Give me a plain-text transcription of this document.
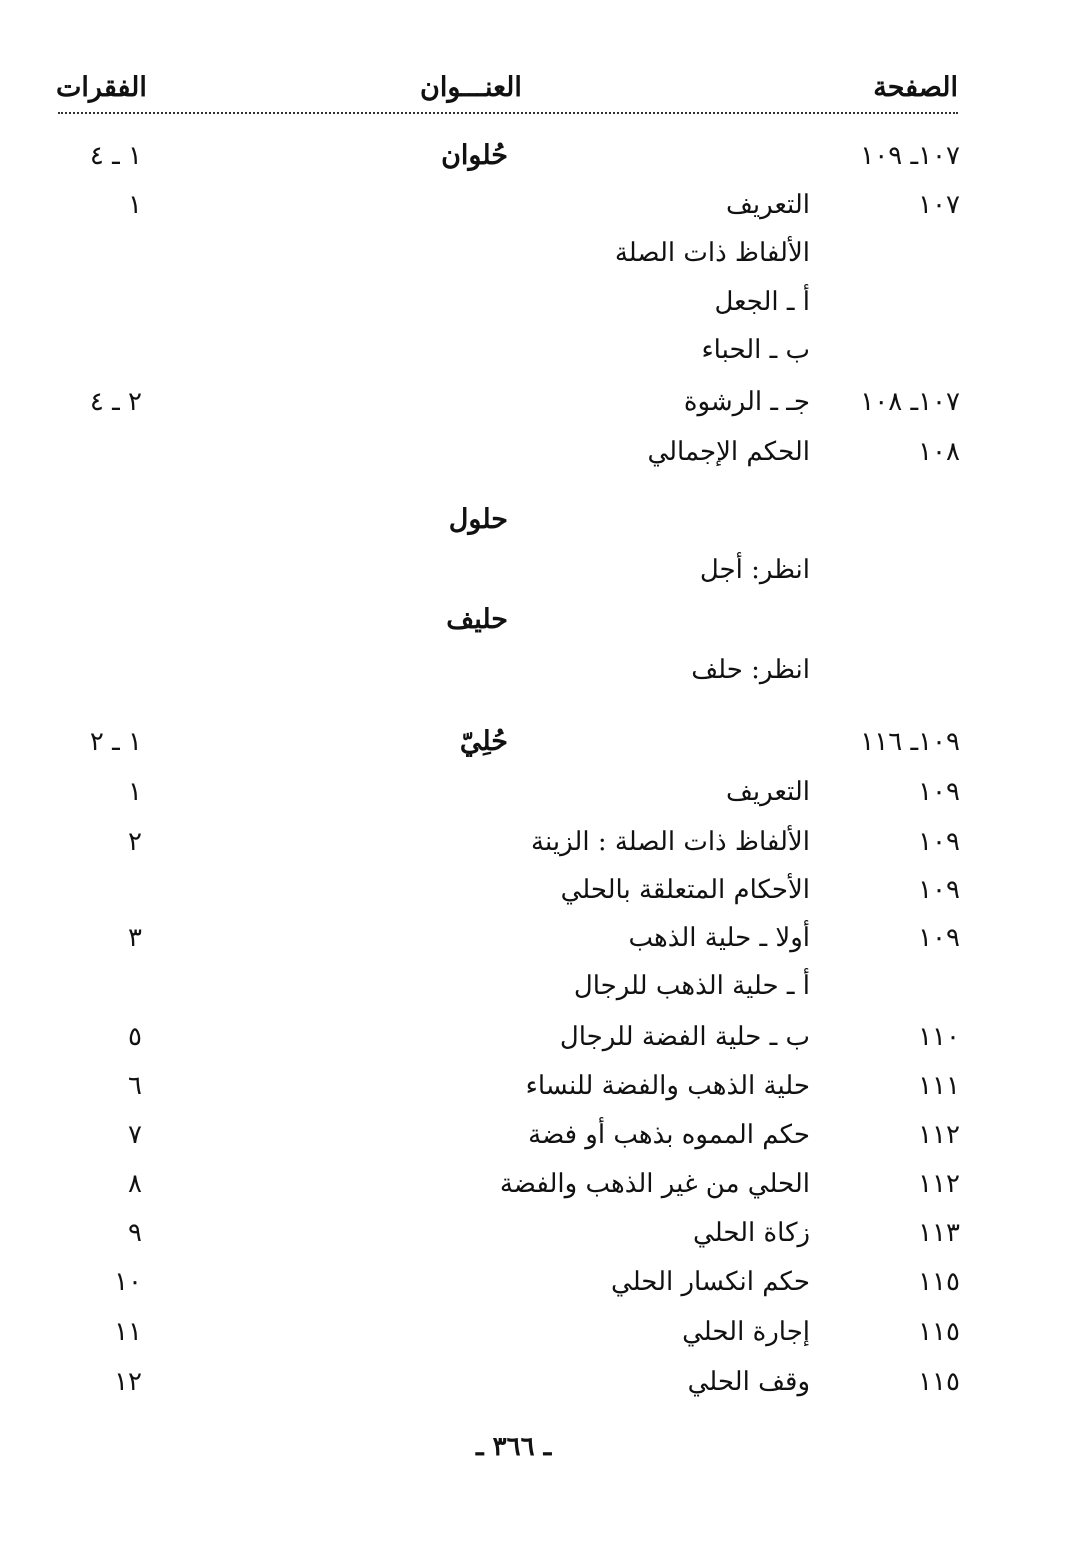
الصفحة
العنـــوان
الفقرات
١٠٧ـ ١٠٩
حُلوان
١ ـ ٤
١٠٧
التعريف
١
الألفاظ ذات الصلة
أ ـ الجعل
ب ـ الحباء
١٠٧ـ ١٠٨
جـ ـ الرشوة
٢ ـ ٤
١٠٨
الحكم الإجمالي
حلول
انظر: أجل
حليف
انظر: حلف
١٠٩ـ ١١٦
حُلِيّ
١ ـ ٢
١٠٩
التعريف
١
١٠٩
الألفاظ ذات الصلة : الزينة
٢
١٠٩
الأحكام المتعلقة بالحلي
١٠٩
أولا ـ حلية الذهب
٣
أ ـ حلية الذهب للرجال
١١٠
ب ـ حلية الفضة للرجال
٥
١١١
حلية الذهب والفضة للنساء
٦
١١٢
حكم المموه بذهب أو فضة
٧
١١٢
الحلي من غير الذهب والفضة
٨
١١٣
زكاة الحلي
٩
١١٥
حكم انكسار الحلي
١٠
١١٥
إجارة الحلي
١١
١١٥
وقف الحلي
١٢
ـ ٣٦٦ ـ
